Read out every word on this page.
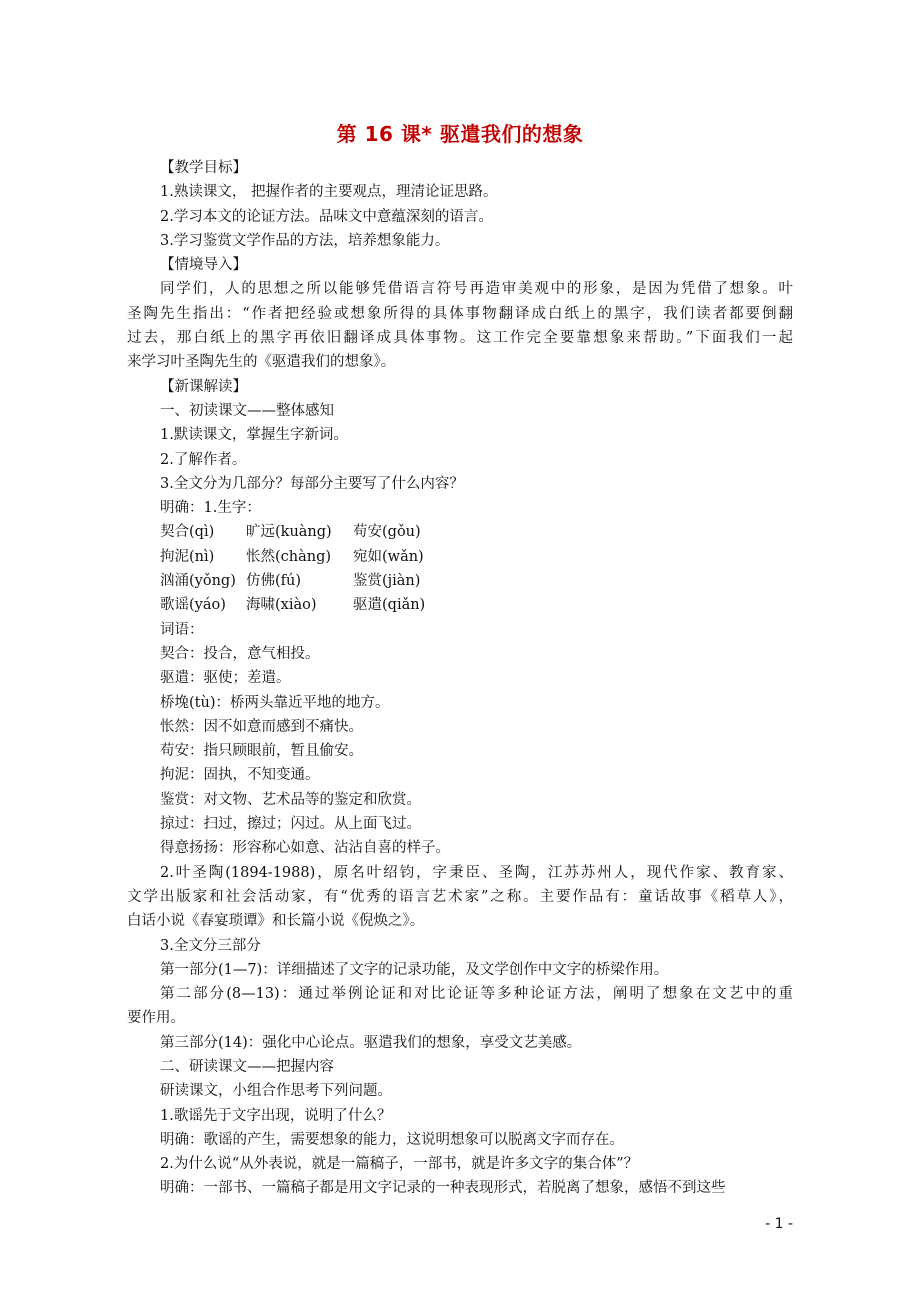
第 16 课* 驱遣我们的想象
【教学目标】
1.熟读课文， 把握作者的主要观点，理清论证思路。
2.学习本文的论证方法。品味文中意蕴深刻的语言。
3.学习鉴赏文学作品的方法，培养想象能力。
【情境导入】
同学们，人的思想之所以能够凭借语言符号再造审美观中的形象，是因为凭借了想象。叶
圣陶先生指出：“作者把经验或想象所得的具体事物翻译成白纸上的黑字，我们读者都要倒翻
过去，那白纸上的黑字再依旧翻译成具体事物。这工作完全要靠想象来帮助。”下面我们一起
来学习叶圣陶先生的《驱遣我们的想象》。
【新课解读】
一、初读课文——整体感知
1.默读课文，掌握生字新词。
2.了解作者。
3.全文分为几部分？每部分主要写了什么内容？
明确：1.生字：
契合(qì)	旷远(kuàng)	苟安(gǒu)
拘泥(nì)	怅然(chàng)	宛如(wǎn)
汹涌(yǒng) 仿佛(fú)	鉴赏(jiàn)
歌谣(yáo)	海啸(xiào)	驱遣(qiǎn)
词语：
契合：投合，意气相投。
驱遣：驱使；差遣。
桥堍(tù)：桥两头靠近平地的地方。
怅然：因不如意而感到不痛快。
苟安：指只顾眼前，暂且偷安。
拘泥：固执，不知变通。
鉴赏：对文物、艺术品等的鉴定和欣赏。
掠过：扫过，擦过；闪过。从上面飞过。
得意扬扬：形容称心如意、沾沾自喜的样子。
2.叶圣陶(1894-1988)，原名叶绍钧，字秉臣、圣陶，江苏苏州人，现代作家、教育家、
文学出版家和社会活动家，有“优秀的语言艺术家”之称。主要作品有：童话故事《稻草人》，
白话小说《春宴琐谭》和长篇小说《倪焕之》。
3.全文分三部分
第一部分(1—7)：详细描述了文字的记录功能，及文学创作中文字的桥梁作用。
第二部分(8—13)：通过举例论证和对比论证等多种论证方法，阐明了想象在文艺中的重
要作用。
第三部分(14)：强化中心论点。驱遣我们的想象，享受文艺美感。
二、研读课文——把握内容
研读课文，小组合作思考下列问题。
1.歌谣先于文字出现，说明了什么？
明确：歌谣的产生，需要想象的能力，这说明想象可以脱离文字而存在。
2.为什么说“从外表说，就是一篇稿子，一部书，就是许多文字的集合体”？
明确：一部书、一篇稿子都是用文字记录的一种表现形式，若脱离了想象，感悟不到这些
- 1 -
